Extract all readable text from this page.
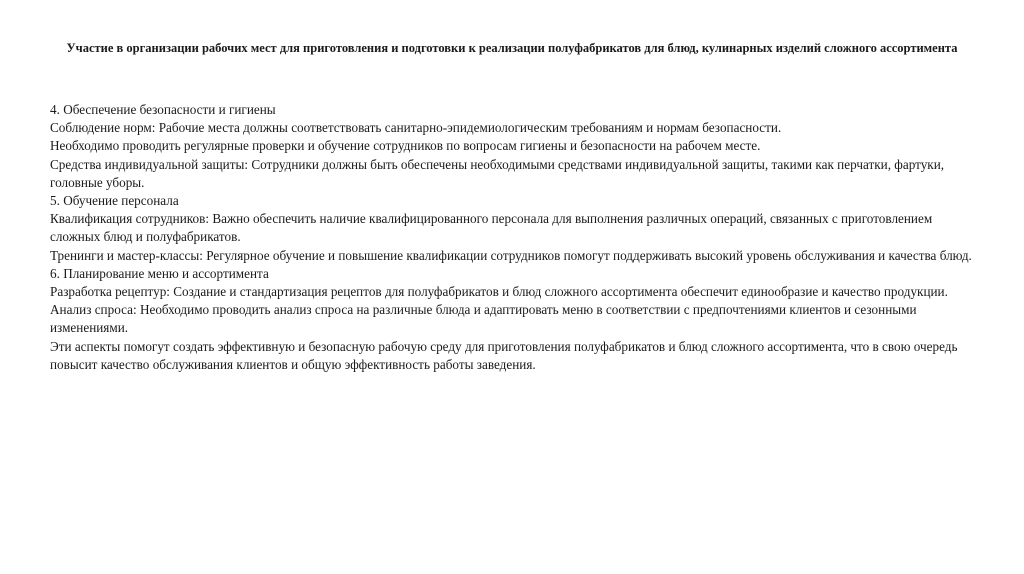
Участие в организации рабочих мест для приготовления и подготовки к реализации полуфабрикатов для блюд, кулинарных изделий сложного ассортимента

4. Обеспечение безопасности и гигиены

Соблюдение норм: Рабочие места должны соответствовать санитарно-эпидемиологическим требованиям и нормам безопасности.

Необходимо проводить регулярные проверки и обучение сотрудников по вопросам гигиены и безопасности на рабочем месте.

Средства индивидуальной защиты: Сотрудники должны быть обеспечены необходимыми средствами индивидуальной защиты, такими как перчатки, фартуки, головные уборы.

5. Обучение персонала

Квалификация сотрудников: Важно обеспечить наличие квалифицированного персонала для выполнения различных операций, связанных с приготовлением сложных блюд и полуфабрикатов.

Тренинги и мастер-классы: Регулярное обучение и повышение квалификации сотрудников помогут поддерживать высокий уровень обслуживания и качества блюд.

6. Планирование меню и ассортимента

Разработка рецептур: Создание и стандартизация рецептов для полуфабрикатов и блюд сложного ассортимента обеспечит единообразие и качество продукции.

Анализ спроса: Необходимо проводить анализ спроса на различные блюда и адаптировать меню в соответствии с предпочтениями клиентов и сезонными изменениями.

Эти аспекты помогут создать эффективную и безопасную рабочую среду для приготовления полуфабрикатов и блюд сложного ассортимента, что в свою очередь повысит качество обслуживания клиентов и общую эффективность работы заведения.
